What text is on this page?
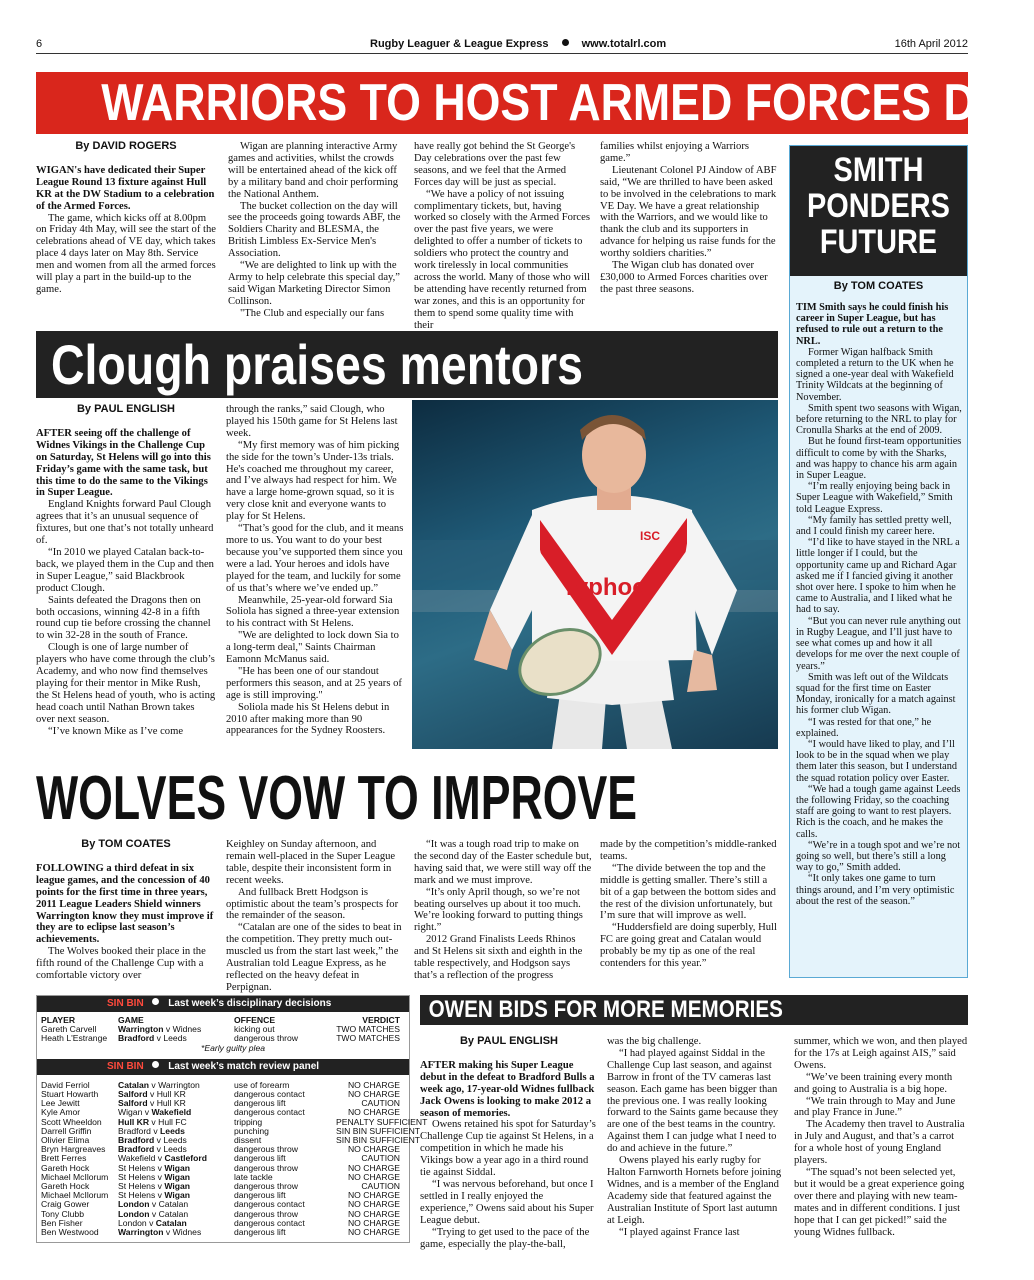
6	Rugby Leaguer & League Express	www.totalrl.com	16th April 2012
WARRIORS TO HOST ARMED FORCES DAY
By DAVID ROGERS

WIGAN's have dedicated their Super League Round 13 fixture against Hull KR at the DW Stadium to a celebration of the Armed Forces.

The game, which kicks off at 8.00pm on Friday 4th May, will see the start of the celebrations ahead of VE day, which takes place 4 days later on May 8th. Service men and women from all the armed forces will play a part in the build-up to the game.

Wigan are planning interactive Army games and activities, whilst the crowds will be entertained ahead of the kick off by a military band and choir performing the National Anthem.

The bucket collection on the day will see the proceeds going towards ABF, the Soldiers Charity and BLESMA, the British Limbless Ex-Service Men's Association.

“We are delighted to link up with the Army to help celebrate this special day,” said Wigan Marketing Director Simon Collinson.

"The Club and especially our fans

have really got behind the St George's Day celebrations over the past few seasons, and we feel that the Armed Forces day will be just as special.

“We have a policy of not issuing complimentary tickets, but, having worked so closely with the Armed Forces over the past five years, we were delighted to offer a number of tickets to soldiers who protect the country and work tirelessly in local communities across the world. Many of those who will be attending have recently returned from war zones, and this is an opportunity for them to spend some quality time with their

families whilst enjoying a Warriors game.”

Lieutenant Colonel PJ Aindow of ABF said, “We are thrilled to have been asked to be involved in the celebrations to mark VE Day. We have a great relationship with the Warriors, and we would like to thank the club and its supporters in advance for helping us raise funds for the worthy soldiers charities.”

The Wigan club has donated over £30,000 to Armed Forces charities over the past three seasons.

SMITH
PONDERS
FUTURE
By TOM COATES

TIM Smith says he could finish his career in Super League, but has refused to rule out a return to the NRL.

Former Wigan halfback Smith completed a return to the UK when he signed a one-year deal with Wakefield Trinity Wildcats at the beginning of November.

Smith spent two seasons with Wigan, before returning to the NRL to play for Cronulla Sharks at the end of 2009.

But he found first-team opportunities difficult to come by with the Sharks, and was happy to chance his arm again in Super League.

“I’m really enjoying being back in Super League with Wakefield,” Smith told League Express.

“My family has settled pretty well, and I could finish my career here.

“I’d like to have stayed in the NRL a little longer if I could, but the opportunity came up and Richard Agar asked me if I fancied giving it another shot over here. I spoke to him when he came to Australia, and I liked what he had to say.

“But you can never rule anything out in Rugby League, and I’ll just have to see what comes up and how it all develops for me over the next couple of years.”

Smith was left out of the Wildcats squad for the first time on Easter Monday, ironically for a match against his former club Wigan.

“I was rested for that one,” he explained.

“I would have liked to play, and I’ll look to be in the squad when we play them later this season, but I understand the squad rotation policy over Easter.

“We had a tough game against Leeds the following Friday, so the coaching staff are going to want to rest players. Rich is the coach, and he makes the calls.

“We’re in a tough spot and we’re not going so well, but there’s still a long way to go,” Smith added.

“It only takes one game to turn things around, and I’m very optimistic about the rest of the season.”

Clough praises mentors
By PAUL ENGLISH

AFTER seeing off the challenge of Widnes Vikings in the Challenge Cup on Saturday, St Helens will go into this Friday’s game with the same task, but this time to do the same to the Vikings in Super League.

England Knights forward Paul Clough agrees that it’s an unusual sequence of fixtures, but one that’s not totally unheard of.

“In 2010 we played Catalan back-to-back, we played them in the Cup and then in Super League,” said Blackbrook product Clough.

Saints defeated the Dragons then on both occasions, winning 42-8 in a fifth round cup tie before crossing the channel to win 32-28 in the south of France.

Clough is one of large number of players who have come through the club’s Academy, and who now find themselves playing for their mentor in Mike Rush, the St Helens head of youth, who is acting head coach until Nathan Brown takes over next season.

“I’ve known Mike as I’ve come

through the ranks,” said Clough, who played his 150th game for St Helens last week.

“My first memory was of him picking the side for the town’s Under-13s trials. He's coached me throughout my career, and I’ve always had respect for him. We have a large home-grown squad, so it is very close knit and everyone wants to play for St Helens.

“That’s good for the club, and it means more to us. You want to do your best because you’ve supported them since you were a lad. Your heroes and idols have played for the team, and luckily for some of us that’s where we’ve ended up.”

Meanwhile, 25-year-old forward Sia Soliola has signed a three-year extension to his contract with St Helens.

"We are delighted to lock down Sia to a long-term deal," Saints Chairman Eamonn McManus said.

"He has been one of our standout performers this season, and at 25 years of age is still improving."

Soliola made his St Helens debut in 2010 after making more than 90 appearances for the Sydney Roosters.

Typhoo
ISC
WOLVES VOW TO IMPROVE
By TOM COATES

FOLLOWING a third defeat in six league games, and the concession of 40 points for the first time in three years, 2011 League Leaders Shield winners Warrington know they must improve if they are to eclipse last season’s achievements.

The Wolves booked their place in the fifth round of the Challenge Cup with a comfortable victory over

Keighley on Sunday afternoon, and remain well-placed in the Super League table, despite their inconsistent form in recent weeks.

And fullback Brett Hodgson is optimistic about the team’s prospects for the remainder of the season.

“Catalan are one of the sides to beat in the competition. They pretty much out-muscled us from the start last week,” the Australian told League Express, as he reflected on the heavy defeat in Perpignan.

“It was a tough road trip to make on the second day of the Easter schedule but, having said that, we were still way off the mark and we must improve.

“It’s only April though, so we’re not beating ourselves up about it too much. We’re looking forward to putting things right.”

2012 Grand Finalists Leeds Rhinos and St Helens sit sixth and eighth in the table respectively, and Hodgson says that’s a reflection of the progress

made by the competition’s middle-ranked teams.

“The divide between the top and the middle is getting smaller. There’s still a bit of a gap between the bottom sides and the rest of the division unfortunately, but I’m sure that will improve as well.

“Huddersfield are doing superbly, Hull FC are going great and Catalan would probably be my tip as one of the real contenders for this year.”

SIN BIN Last week’s disciplinary decisions
PLAYER	GAME	OFFENCE	VERDICT
Gareth Carvell	Warrington v Widnes	kicking out	TWO MATCHES
Heath L'Estrange	Bradford v Leeds	dangerous throw	TWO MATCHES
*Early guilty plea
SIN BIN Last week’s match review panel
David Ferriol	Catalan v Warrington	use of forearm	NO CHARGE
Stuart Howarth	Salford v Hull KR	dangerous contact	NO CHARGE
Lee Jewitt	Salford v Hull KR	dangerous lift	CAUTION
Kyle Amor	Wigan v Wakefield	dangerous contact	NO CHARGE
Scott Wheeldon	Hull KR v Hull FC	tripping	PENALTY SUFFICIENT
Darrell Griffin	Bradford v Leeds	punching	SIN BIN SUFFICIENT
Olivier Elima	Bradford v Leeds	dissent	SIN BIN SUFFICIENT
Bryn Hargreaves	Bradford v Leeds	dangerous throw	NO CHARGE
Brett Ferres	Wakefield v Castleford	dangerous lift	CAUTION
Gareth Hock	St Helens v Wigan	dangerous throw	NO CHARGE
Michael McIlorum	St Helens v Wigan	late tackle	NO CHARGE
Gareth Hock	St Helens v Wigan	dangerous throw	CAUTION
Michael McIlorum	St Helens v Wigan	dangerous lift	NO CHARGE
Craig Gower	London v Catalan	dangerous contact	NO CHARGE
Tony Clubb	London v Catalan	dangerous throw	NO CHARGE
Ben Fisher	London v Catalan	dangerous contact	NO CHARGE
Ben Westwood	Warrington v Widnes	dangerous lift	NO CHARGE
OWEN BIDS FOR MORE MEMORIES
By PAUL ENGLISH

AFTER making his Super League debut in the defeat to Bradford Bulls a week ago, 17-year-old Widnes fullback Jack Owens is looking to make 2012 a season of memories.

Owens retained his spot for Saturday’s Challenge Cup tie against St Helens, in a competition in which he made his Vikings bow a year ago in a third round tie against Siddal.

“I was nervous beforehand, but once I settled in I really enjoyed the experience,” Owens said about his Super League debut.

“Trying to get used to the pace of the game, especially the play-the-ball,

was the big challenge.

“I had played against Siddal in the Challenge Cup last season, and against Barrow in front of the TV cameras last season. Each game has been bigger than the previous one. I was really looking forward to the Saints game because they are one of the best teams in the country. Against them I can judge what I need to do and achieve in the future.”

Owens played his early rugby for Halton Farnworth Hornets before joining Widnes, and is a member of the England Academy side that featured against the Australian Institute of Sport last autumn at Leigh.

“I played against France last

summer, which we won, and then played for the 17s at Leigh against AIS,” said Owens.

“We’ve been training every month and going to Australia is a big hope.

“We train through to May and June and play France in June.”

The Academy then travel to Australia in July and August, and that’s a carrot for a whole host of young England players.

“The squad’s not been selected yet, but it would be a great experience going over there and playing with new team-mates and in different conditions. I just hope that I can get picked!” said the young Widnes fullback.
